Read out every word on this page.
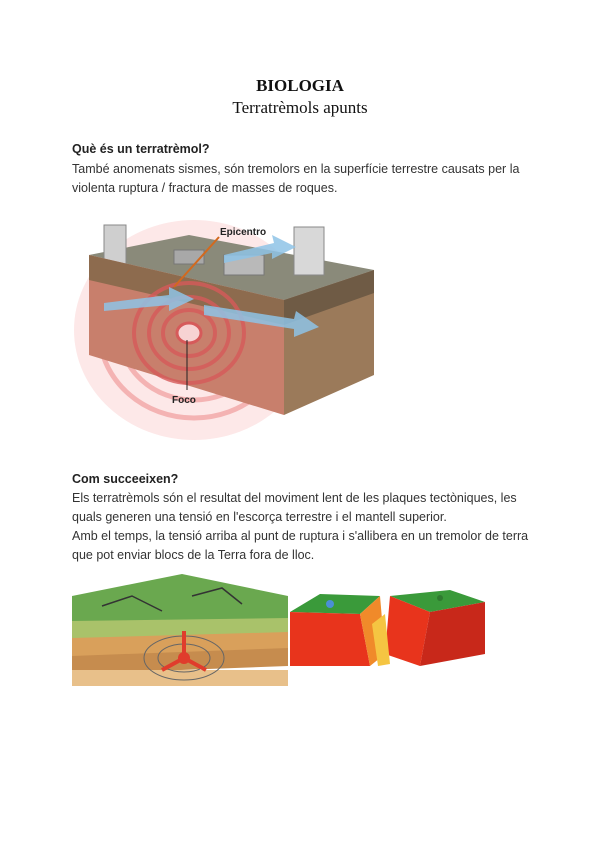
BIOLOGIA
Terratrèmols apunts
Què és un terratrèmol?

També anomenats sismes, són tremolors en la superfície terrestre causats per la violenta ruptura / fractura de masses de roques.

Epicentro
Foco
Com succeeixen?

Els terratrèmols són el resultat del moviment lent de les plaques tectòniques, les quals generen una tensió en l'escorça terrestre i el mantell superior.

Amb el temps, la tensió arriba al punt de ruptura i s'allibera en un tremolor de terra que pot enviar blocs de la Terra fora de lloc.
